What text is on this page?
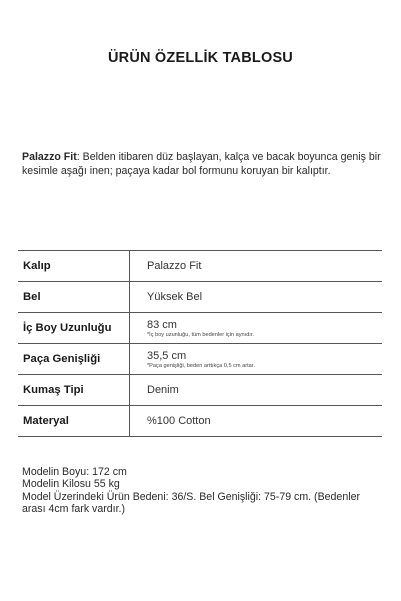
ÜRÜN ÖZELLİK TABLOSU
Palazzo Fit: Belden itibaren düz başlayan, kalça ve bacak boyunca geniş bir kesimle aşağı inen; paçaya kadar bol formunu koruyan bir kalıptır.
Kalıp	Palazzo Fit
Bel	Yüksek Bel
İç Boy Uzunluğu	83 cm
*İç boy uzunluğu, tüm bedenler için aynıdır.
Paça Genişliği	35,5 cm
*Paça genişliği, beden arttıkça 0,5 cm artar.
Kumaş Tipi	Denim
Materyal	%100 Cotton
Modelin Boyu: 172 cm
Modelin Kilosu 55 kg
Model Üzerindeki Ürün Bedeni: 36/S. Bel Genişliği: 75-79 cm. (Bedenler arası 4cm fark vardır.)
